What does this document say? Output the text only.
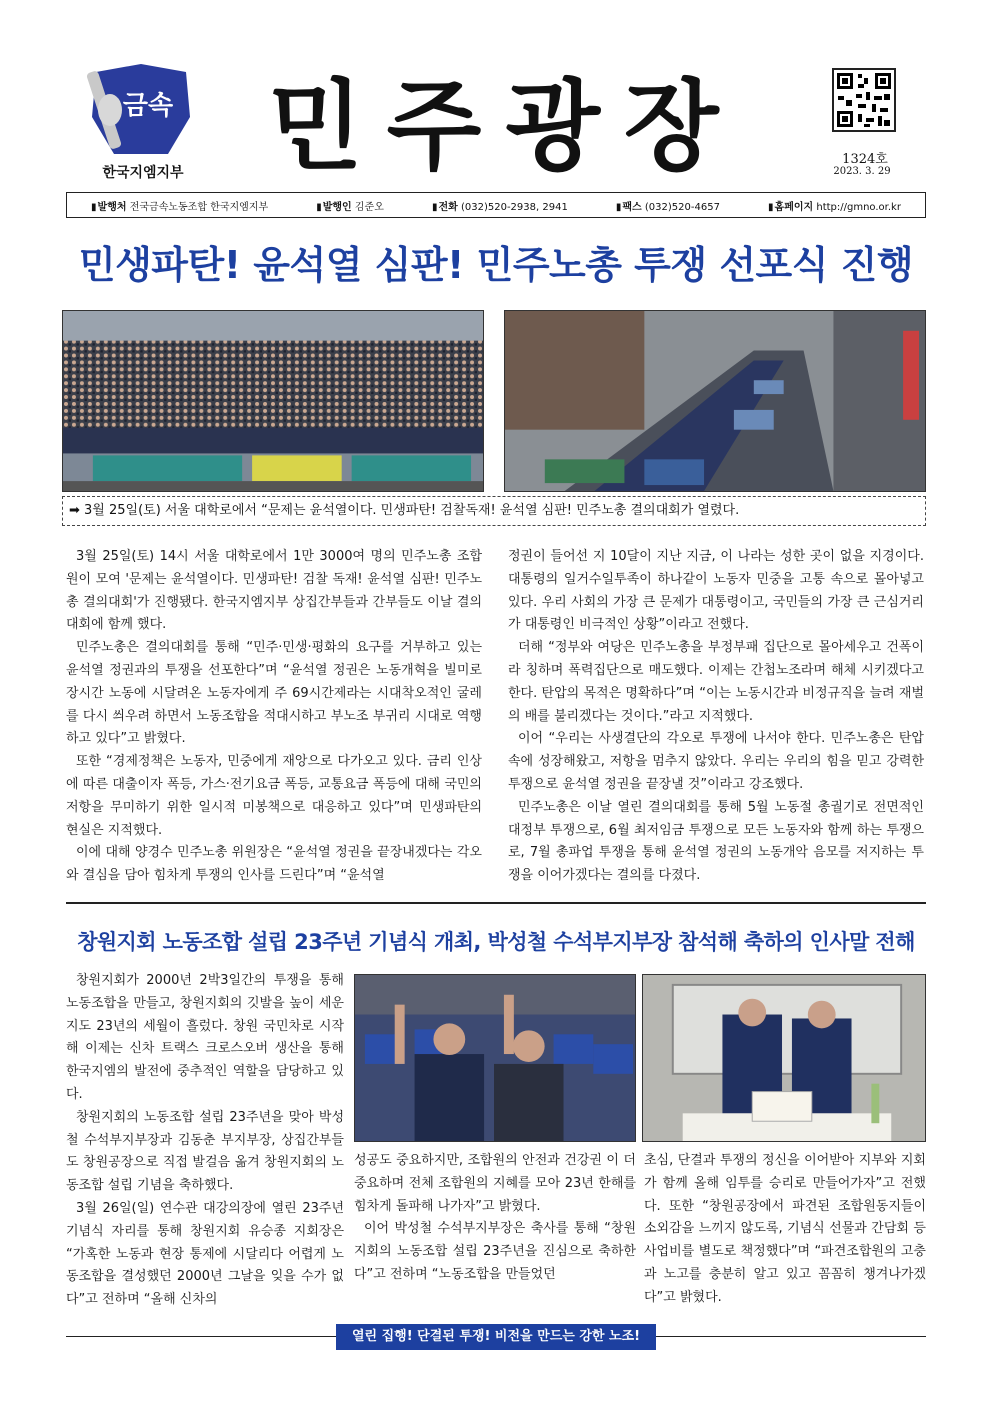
금속
한국지엠지부 민주광장	1324호
2023. 3. 29
▮ 발행처 전국금속노동조합 한국지엠지부	▮ 발행인 김준오	▮ 전화 (032)520-2938, 2941	▮ 팩스 (032)520-4657	▮ 홈페이지 http://gmno.or.kr
민생파탄! 윤석열 심판! 민주노총 투쟁 선포식 진행
➡ 3월 25일(토) 서울 대학로에서 “문제는 윤석열이다. 민생파탄! 검찰독재! 윤석열 심판! 민주노총 결의대회가 열렸다.

3월 25일(토) 14시 서울 대학로에서 1만 3000여 명의 민주노총 조합원이 모여 '문제는 윤석열이다. 민생파탄! 검찰 독재! 윤석열 심판! 민주노총 결의대회'가 진행됐다. 한국지엠지부 상집간부들과 간부들도 이날 결의대회에 함께 했다.

민주노총은 결의대회를 통해 “민주·민생·평화의 요구를 거부하고 있는 윤석열 정권과의 투쟁을 선포한다”며 “윤석열 정권은 노동개혁을 빌미로 장시간 노동에 시달려온 노동자에게 주 69시간제라는 시대착오적인 굴레를 다시 씌우려 하면서 노동조합을 적대시하고 부노조 부귀리 시대로 역행하고 있다”고 밝혔다.

또한 “경제정책은 노동자, 민중에게 재앙으로 다가오고 있다. 금리 인상에 따른 대출이자 폭등, 가스·전기요금 폭등, 교통요금 폭등에 대해 국민의 저항을 무미하기 위한 일시적 미봉책으로 대응하고 있다”며 민생파탄의 현실은 지적했다.

이에 대해 양경수 민주노총 위원장은 “윤석열 정권을 끝장내겠다는 각오와 결심을 담아 힘차게 투쟁의 인사를 드린다”며 “윤석열

정권이 들어선 지 10달이 지난 지금, 이 나라는 성한 곳이 없을 지경이다. 대통령의 일거수일투족이 하나같이 노동자 민중을 고통 속으로 몰아넣고 있다. 우리 사회의 가장 큰 문제가 대통령이고, 국민들의 가장 큰 근심거리가 대통령인 비극적인 상황”이라고 전했다.

더해 “정부와 여당은 민주노총을 부정부패 집단으로 몰아세우고 건폭이라 칭하며 폭력집단으로 매도했다. 이제는 간첩노조라며 해체 시키겠다고 한다. 탄압의 목적은 명확하다”며 “이는 노동시간과 비정규직을 늘려 재벌의 배를 불리겠다는 것이다.”라고 지적했다.

이어 “우리는 사생결단의 각오로 투쟁에 나서야 한다. 민주노총은 탄압 속에 성장해왔고, 저항을 멈추지 않았다. 우리는 우리의 힘을 믿고 강력한 투쟁으로 윤석열 정권을 끝장낼 것”이라고 강조했다.

민주노총은 이날 열린 결의대회를 통해 5월 노동절 총궐기로 전면적인 대정부 투쟁으로, 6월 최저임금 투쟁으로 모든 노동자와 함께 하는 투쟁으로, 7월 총파업 투쟁을 통해 윤석열 정권의 노동개악 음모를 저지하는 투쟁을 이어가겠다는 결의를 다졌다.

창원지회 노동조합 설립 23주년 기념식 개최, 박성철 수석부지부장 참석해 축하의 인사말 전해

창원지회가 2000년 2박3일간의 투쟁을 통해 노동조합을 만들고, 창원지회의 깃발을 높이 세운 지도 23년의 세월이 흘렀다. 창원 국민차로 시작해 이제는 신차 트랙스 크로스오버 생산을 통해 한국지엠의 발전에 중추적인 역할을 담당하고 있다.

창원지회의 노동조합 설립 23주년을 맞아 박성철 수석부지부장과 김동춘 부지부장, 상집간부들도 창원공장으로 직접 발걸음 옮겨 창원지회의 노동조합 설립 기념을 축하했다.

3월 26일(일) 연수관 대강의장에 열린 23주년 기념식 자리를 통해 창원지회 유승종 지회장은 “가혹한 노동과 현장 통제에 시달리다 어렵게 노동조합을 결성했던 2000년 그날을 잊을 수가 없다”고 전하며 “올해 신차의

성공도 중요하지만, 조합원의 안전과 건강권 이 더 중요하며 전체 조합원의 지혜를 모아 23년 한해를 힘차게 돌파해 나가자”고 밝혔다.

이어 박성철 수석부지부장은 축사를 통해 “창원지회의 노동조합 설립 23주년을 진심으로 축하한다”고 전하며 “노동조합을 만들었던

초심, 단결과 투쟁의 정신을 이어받아 지부와 지회가 함께 올해 임투를 승리로 만들어가자”고 전했다. 또한 “창원공장에서 파견된 조합원동지들이 소외감을 느끼지 않도록, 기념식 선물과 간담회 등 사업비를 별도로 책정했다”며 “파견조합원의 고충과 노고를 충분히 알고 있고 꼼꼼히 챙겨나가겠다”고 밝혔다.

열린 집행! 단결된 투쟁! 비전을 만드는 강한 노조!
